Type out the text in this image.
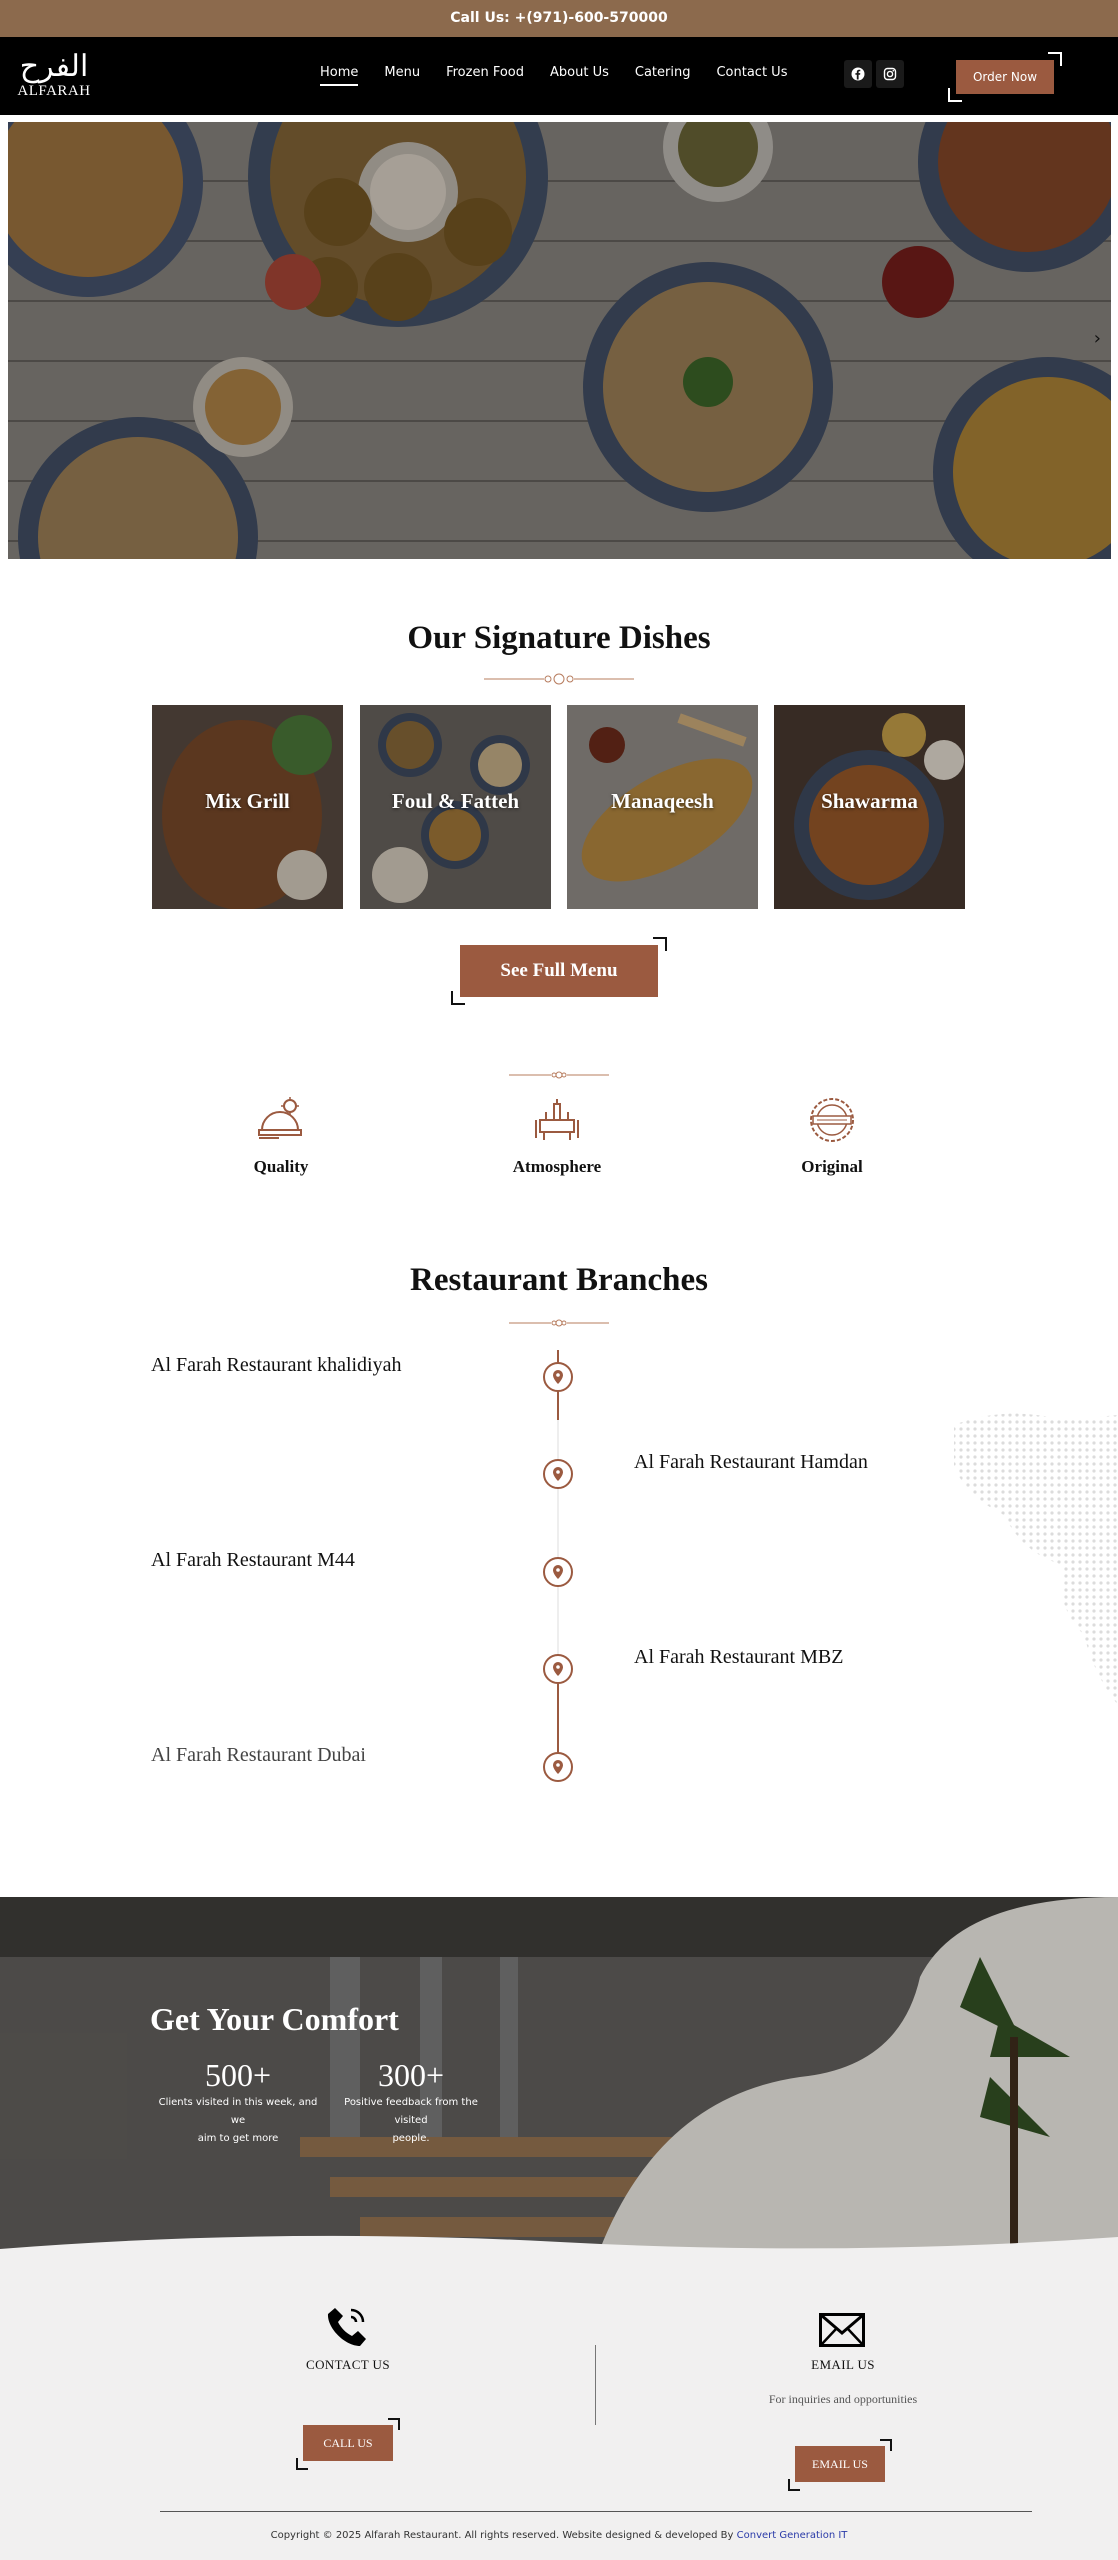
Call Us: +(971)-600-570000
الفرح
ALFARAH
Home Menu Frozen Food About Us Catering Contact Us	Order Now
›
Our Signature Dishes
Mix Grill	Foul & Fatteh	Manaqeesh	Shawarma
See Full Menu
Quality	Atmosphere	Original
Restaurant Branches
Al Farah Restaurant khalidiyah
Al Farah Restaurant Hamdan
Al Farah Restaurant M44
Al Farah Restaurant MBZ
Al Farah Restaurant Dubai
Get Your Comfort
500+
Clients visited in this week, and we
aim to get more
300+
Positive feedback from the visited
people.
CONTACT US
CALL US
EMAIL US
For inquiries and opportunities
EMAIL US
Copyright © 2025 Alfarah Restaurant. All rights reserved. Website designed & developed By Convert Generation IT
